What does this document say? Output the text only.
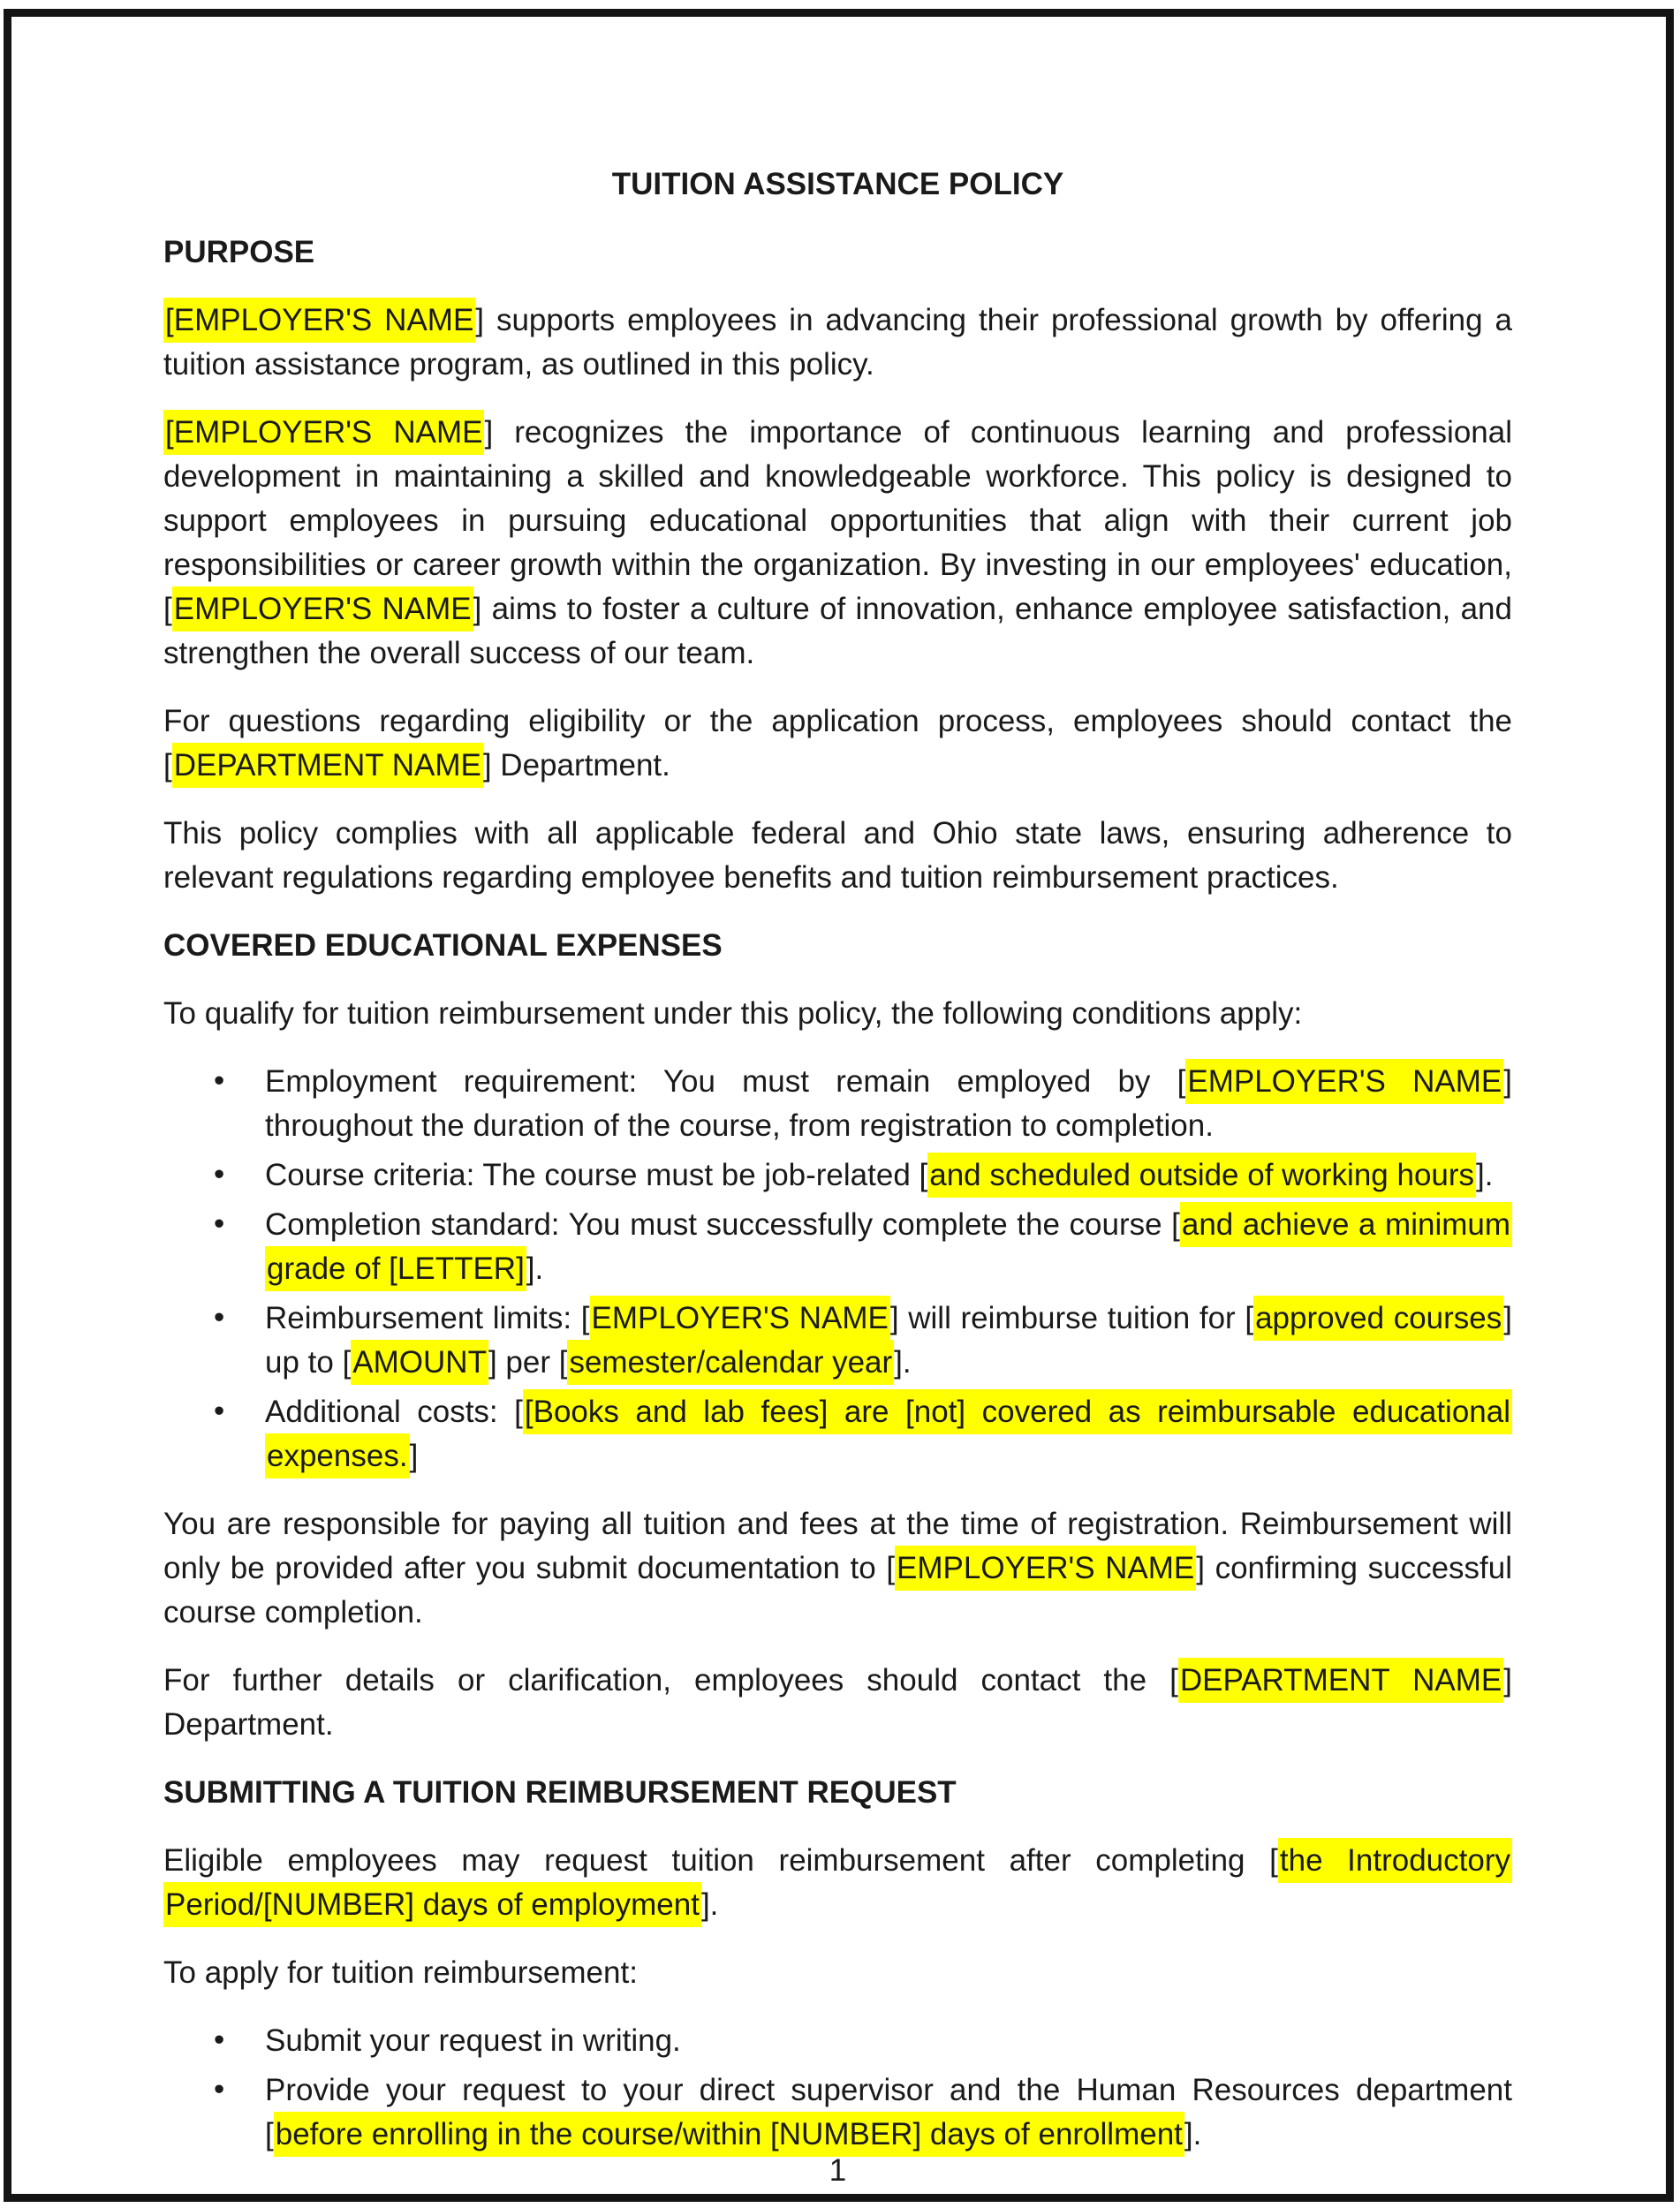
TUITION ASSISTANCE POLICY
PURPOSE
[EMPLOYER'S NAME] supports employees in advancing their professional growth by offering a tuition assistance program, as outlined in this policy.
[EMPLOYER'S NAME] recognizes the importance of continuous learning and professional development in maintaining a skilled and knowledgeable workforce. This policy is designed to support employees in pursuing educational opportunities that align with their current job responsibilities or career growth within the organization. By investing in our employees' education, [EMPLOYER'S NAME] aims to foster a culture of innovation, enhance employee satisfaction, and strengthen the overall success of our team.
For questions regarding eligibility or the application process, employees should contact the [DEPARTMENT NAME] Department.
This policy complies with all applicable federal and Ohio state laws, ensuring adherence to relevant regulations regarding employee benefits and tuition reimbursement practices.
COVERED EDUCATIONAL EXPENSES
To qualify for tuition reimbursement under this policy, the following conditions apply:
• Employment requirement: You must remain employed by [EMPLOYER'S NAME] throughout the duration of the course, from registration to completion.
• Course criteria: The course must be job-related [and scheduled outside of working hours].
• Completion standard: You must successfully complete the course [and achieve a minimum grade of [LETTER]].
• Reimbursement limits: [EMPLOYER'S NAME] will reimburse tuition for [approved courses] up to [AMOUNT] per [semester/calendar year].
• Additional costs: [[Books and lab fees] are [not] covered as reimbursable educational expenses.]
You are responsible for paying all tuition and fees at the time of registration. Reimbursement will only be provided after you submit documentation to [EMPLOYER'S NAME] confirming successful course completion.
For further details or clarification, employees should contact the [DEPARTMENT NAME] Department.
SUBMITTING A TUITION REIMBURSEMENT REQUEST
Eligible employees may request tuition reimbursement after completing [the Introductory Period/[NUMBER] days of employment].
To apply for tuition reimbursement:
• Submit your request in writing.
• Provide your request to your direct supervisor and the Human Resources department [before enrolling in the course/within [NUMBER] days of enrollment].
1
